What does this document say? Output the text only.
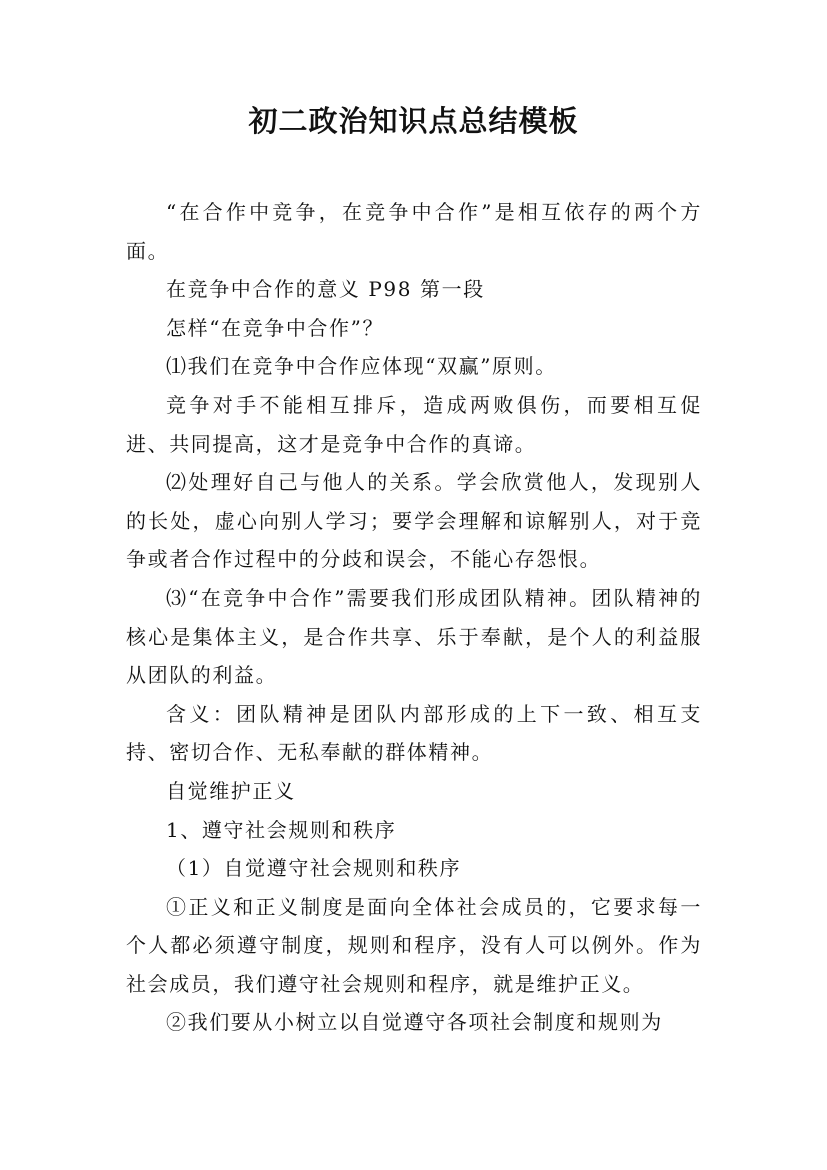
初二政治知识点总结模板

“在合作中竞争，在竞争中合作”是相互依存的两个方面。

在竞争中合作的意义 P98 第一段

怎样“在竞争中合作”？

⑴我们在竞争中合作应体现“双赢”原则。

竞争对手不能相互排斥，造成两败俱伤，而要相互促进、共同提高，这才是竞争中合作的真谛。

⑵处理好自己与他人的关系。学会欣赏他人，发现别人的长处，虚心向别人学习；要学会理解和谅解别人，对于竞争或者合作过程中的分歧和误会，不能心存怨恨。

⑶“在竞争中合作”需要我们形成团队精神。团队精神的核心是集体主义，是合作共享、乐于奉献，是个人的利益服从团队的利益。

含义：团队精神是团队内部形成的上下一致、相互支持、密切合作、无私奉献的群体精神。

自觉维护正义

1、遵守社会规则和秩序

（1）自觉遵守社会规则和秩序

①正义和正义制度是面向全体社会成员的，它要求每一个人都必须遵守制度，规则和程序，没有人可以例外。作为社会成员，我们遵守社会规则和程序，就是维护正义。

②我们要从小树立以自觉遵守各项社会制度和规则为
